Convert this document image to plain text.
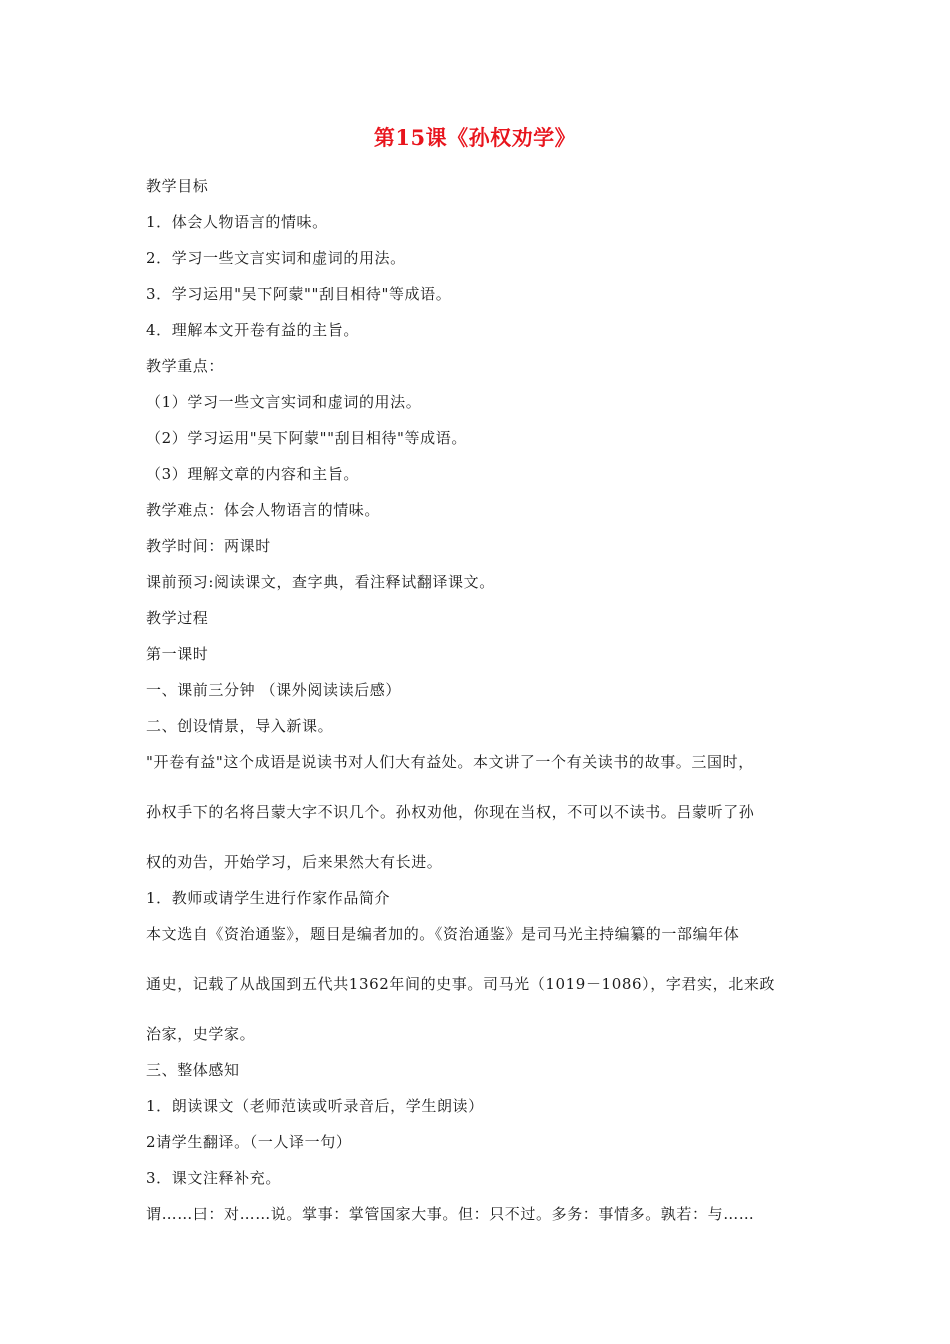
第15课《孙权劝学》
教学目标
1．体会人物语言的情味。
2．学习一些文言实词和虚词的用法。
3．学习运用"吴下阿蒙""刮目相待"等成语。
4．理解本文开卷有益的主旨。
教学重点：
（1）学习一些文言实词和虚词的用法。
（2）学习运用"吴下阿蒙""刮目相待"等成语。
（3）理解文章的内容和主旨。
教学难点：体会人物语言的情味。
教学时间：两课时
课前预习:阅读课文，查字典，看注释试翻译课文。
教学过程
第一课时
一、课前三分钟 （课外阅读读后感）
二、创设情景，导入新课。
"开卷有益"这个成语是说读书对人们大有益处。本文讲了一个有关读书的故事。三国时，
孙权手下的名将吕蒙大字不识几个。孙权劝他，你现在当权，不可以不读书。吕蒙听了孙
权的劝告，开始学习，后来果然大有长进。
1．教师或请学生进行作家作品简介
本文选自《资治通鉴》，题目是编者加的。《资治通鉴》是司马光主持编纂的一部编年体
通史，记载了从战国到五代共1362年间的史事。司马光（1019－1086），字君实，北来政
治家，史学家。
三、整体感知
1．朗读课文（老师范读或听录音后，学生朗读）
2请学生翻译。（一人译一句）
3．课文注释补充。
谓……曰：对……说。掌事：掌管国家大事。但：只不过。多务：事情多。孰若：与……
